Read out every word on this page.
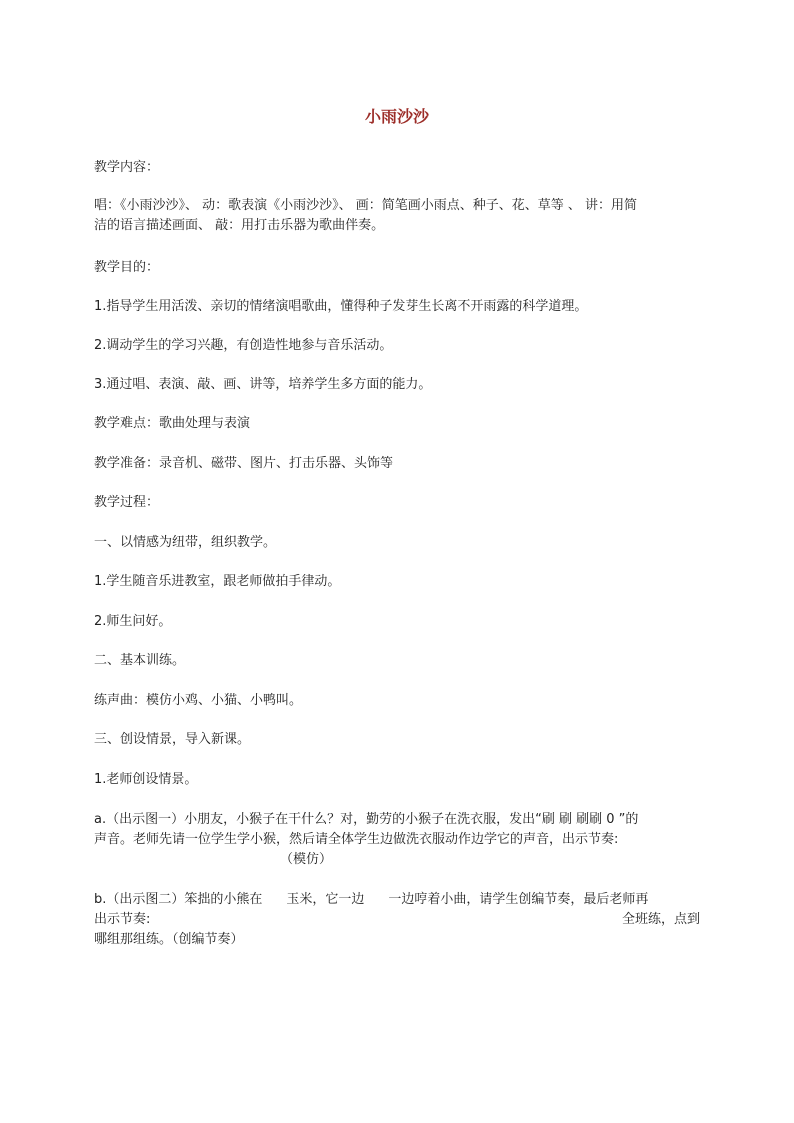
小雨沙沙

教学内容：

唱：《小雨沙沙》、 动：歌表演《小雨沙沙》、 画：简笔画小雨点、种子、花、草等 、 讲：用简
洁的语言描述画面、 敲：用打击乐器为歌曲伴奏。

教学目的：

1.指导学生用活泼、亲切的情绪演唱歌曲，懂得种子发芽生长离不开雨露的科学道理。

2.调动学生的学习兴趣，有创造性地参与音乐活动。

3.通过唱、表演、敲、画、讲等，培养学生多方面的能力。

教学难点：歌曲处理与表演

教学准备：录音机、磁带、图片、打击乐器、头饰等

教学过程：

一、以情感为纽带，组织教学。

1.学生随音乐进教室，跟老师做拍手律动。

2.师生问好。

二、基本训练。

练声曲：模仿小鸡、小猫、小鸭叫。

三、创设情景，导入新课。

1.老师创设情景。

a.（出示图一）小朋友，小猴子在干什么？对，勤劳的小猴子在洗衣服，发出“刷 刷 刷刷 0 ”的
声音。老师先请一位学生学小猴，然后请全体学生边做洗衣服动作边学它的声音，出示节奏:
（模仿）
b.（出示图二）笨拙的小熊在 玉米，它一边 一边哼着小曲，请学生创编节奏，最后老师再
出示节奏:	全班练，点到
哪组那组练。（创编节奏）
